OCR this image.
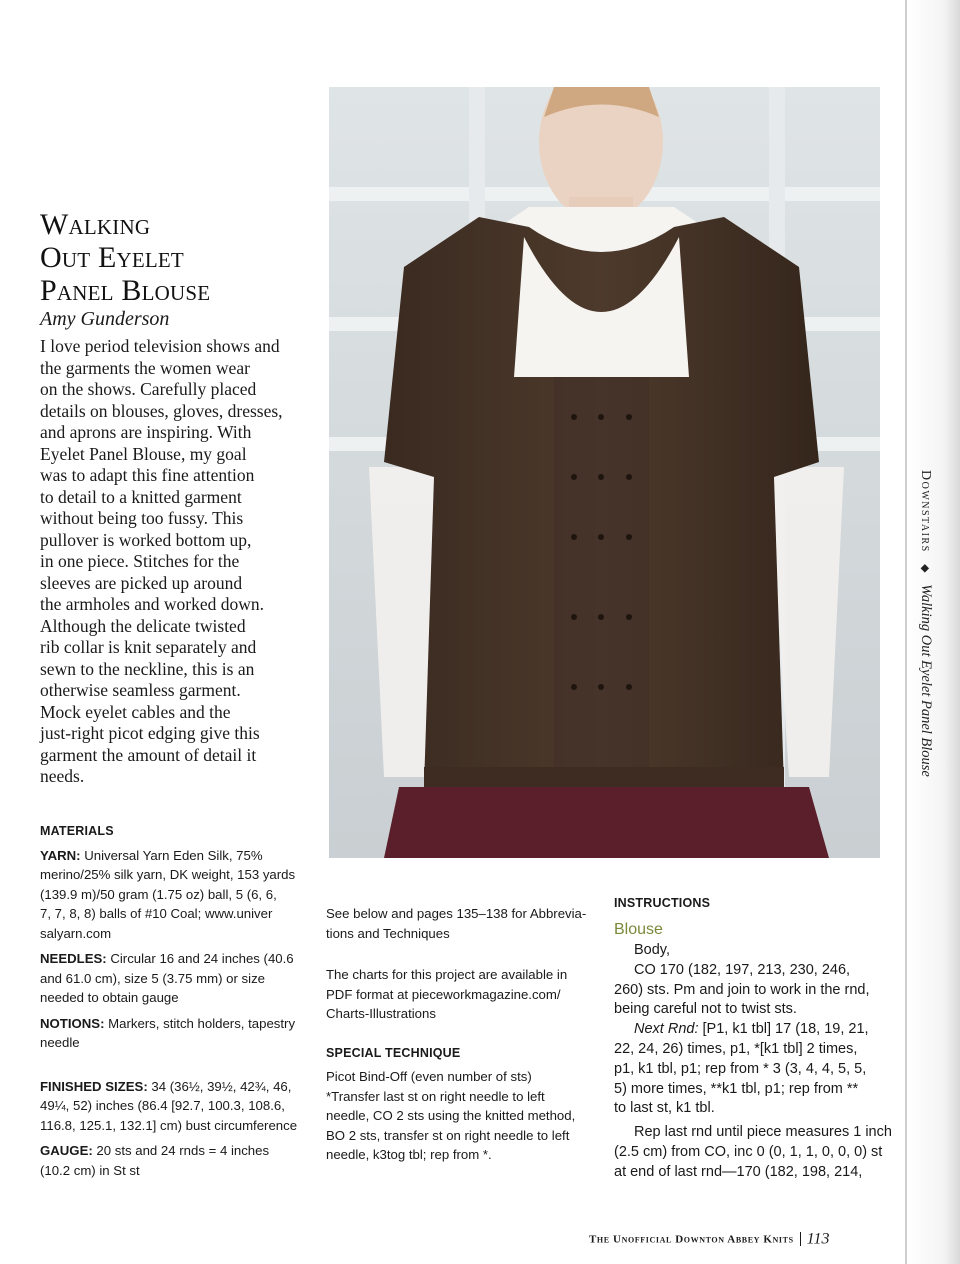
Walking
Out Eyelet
Panel Blouse
Amy Gunderson
I love period television shows and
the garments the women wear
on the shows. Carefully placed
details on blouses, gloves, dresses,
and aprons are inspiring. With
Eyelet Panel Blouse, my goal
was to adapt this fine attention
to detail to a knitted garment
without being too fussy. This
pullover is worked bottom up,
in one piece. Stitches for the
sleeves are picked up around
the armholes and worked down.
Although the delicate twisted
rib collar is knit separately and
sewn to the neckline, this is an
otherwise seamless garment.
Mock eyelet cables and the
just-right picot edging give this
garment the amount of detail it
needs.
Downstairs ◆ Walking Out Eyelet Panel Blouse
MATERIALS
YARN: Universal Yarn Eden Silk, 75%
merino/25% silk yarn, DK weight, 153 yards
(139.9 m)/50 gram (1.75 oz) ball, 5 (6, 6,
7, 7, 8, 8) balls of #10 Coal; www.univer
salyarn.com
NEEDLES: Circular 16 and 24 inches (40.6
and 61.0 cm), size 5 (3.75 mm) or size
needed to obtain gauge
NOTIONS: Markers, stitch holders, tapestry
needle
FINISHED SIZES: 34 (36½, 39½, 42¾, 46,
49¼, 52) inches (86.4 [92.7, 100.3, 108.6,
116.8, 125.1, 132.1] cm) bust circumference
GAUGE: 20 sts and 24 rnds = 4 inches
(10.2 cm) in St st
See below and pages 135–138 for Abbrevia-
tions and Techniques
The charts for this project are available in
PDF format at pieceworkmagazine.com/
Charts-Illustrations
SPECIAL TECHNIQUE
Picot Bind-Off (even number of sts)
*Transfer last st on right needle to left
needle, CO 2 sts using the knitted method,
BO 2 sts, transfer st on right needle to left
needle, k3tog tbl; rep from *.
INSTRUCTIONS
Blouse
Body,
CO 170 (182, 197, 213, 230, 246,
260) sts. Pm and join to work in the rnd,
being careful not to twist sts.
Next Rnd: [P1, k1 tbl] 17 (18, 19, 21,
22, 24, 26) times, p1, *[k1 tbl] 2 times,
p1, k1 tbl, p1; rep from * 3 (3, 4, 4, 5, 5,
5) more times, **k1 tbl, p1; rep from **
to last st, k1 tbl.
Rep last rnd until piece measures 1 inch
(2.5 cm) from CO, inc 0 (0, 1, 1, 0, 0, 0) st
at end of last rnd—170 (182, 198, 214,
The Unofficial Downton Abbey Knits 113
